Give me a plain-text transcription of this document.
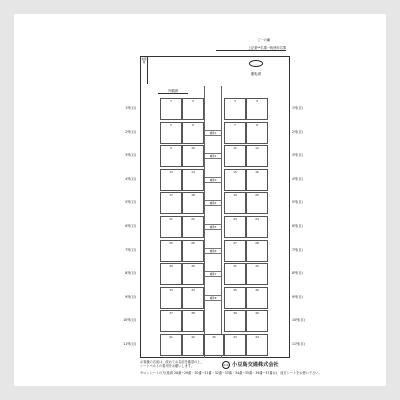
ご一の編
上記乗**名簿一般使用名簿
乗務員
運転席
外観席
1列(目)	1列(目)
1	2	3	4
2列(目)	2列(目)
5	6	7	8
補助1
3列(目)	3列(目)
9	10	11	12
補助2
4列(目)	4列(目)
13	14	15	16
補助3
5列(目)	5列(目)
17	18	19	20
補助4
6列(目)	6列(目)
21	22	23	24
補助5
7列(目)	7列(目)
25	26	27	28
補助6
8列(目)	8列(目)
29	30	31	32
補助7
9列(目)	9列(目)
33	34	35	36
補助8
10列(目)	10列(目)
37	38	39	40
11列(目)	11列(目)
41	42	43	44
45
お客様の名前は、改めてお名前を確認の上、
シートベルトの着用をお願いします。	S.K 小豆島交通株式会社
サロンシートの方(座席 28番~29番・30番~31番・32番~33番・34番~35番・36番~37番)は、前方シートをお使い下さい。
